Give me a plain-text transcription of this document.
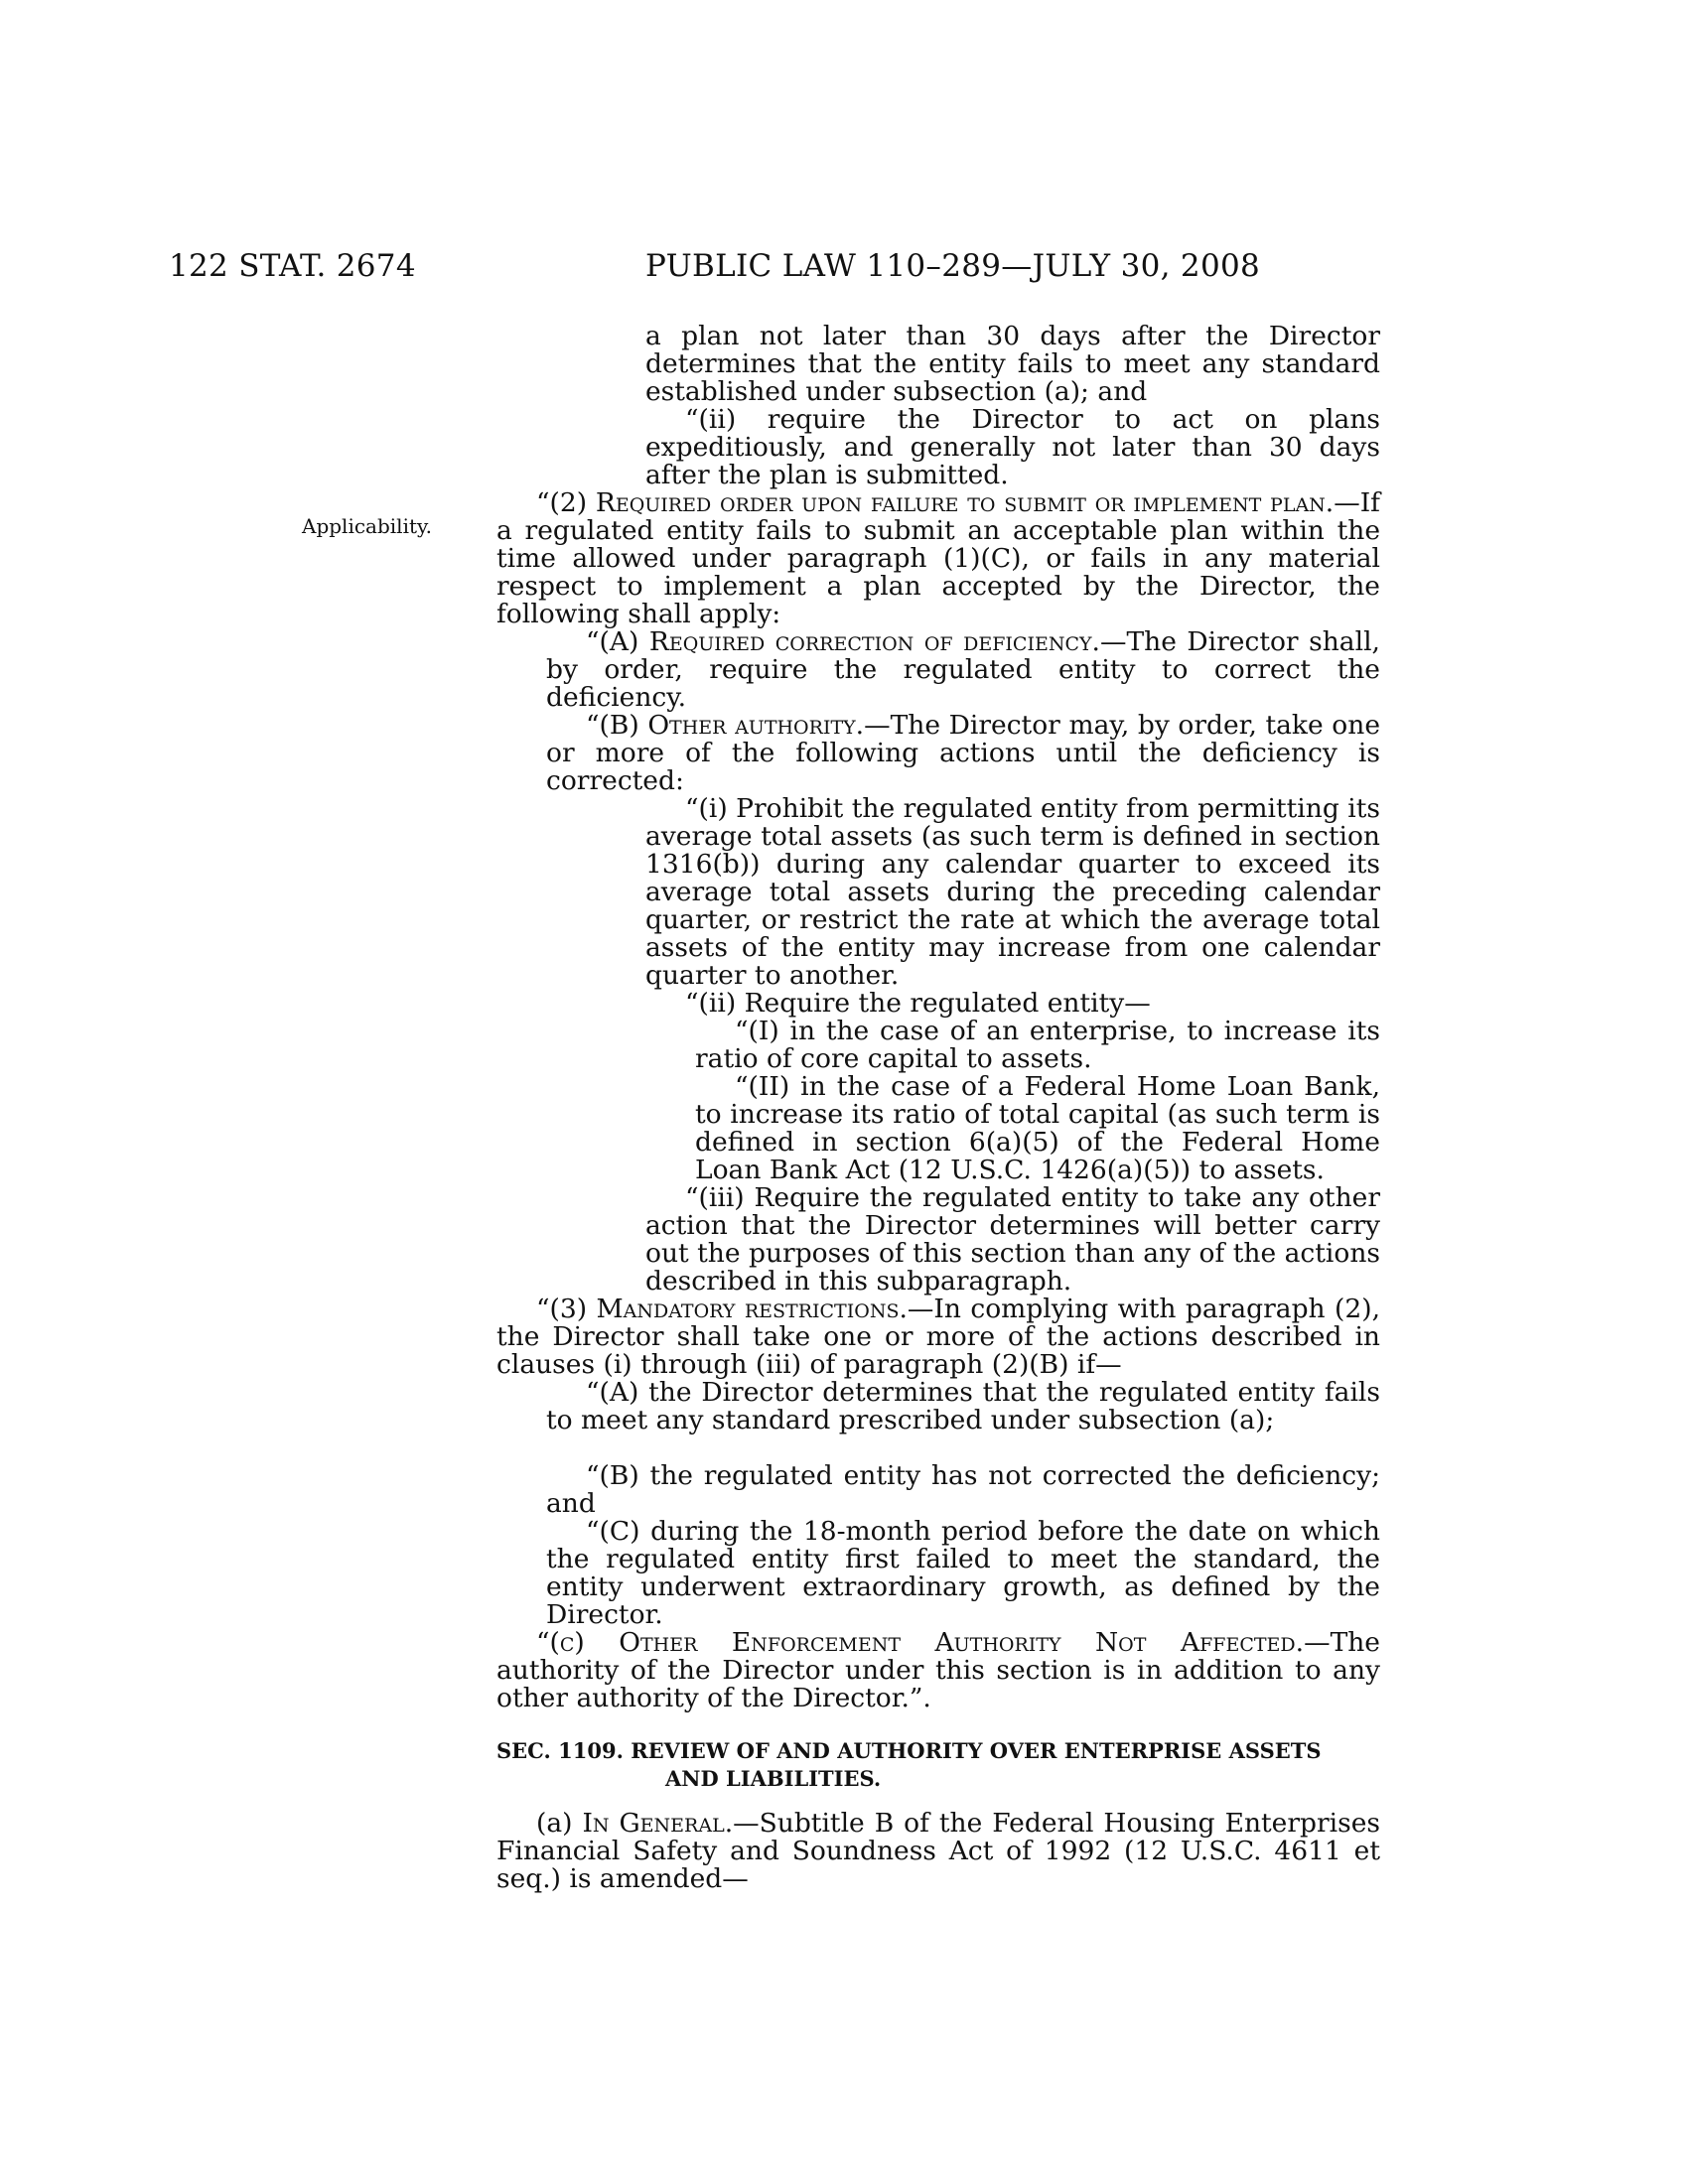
122 STAT. 2674	PUBLIC LAW 110–289—JULY 30, 2008
Applicability.
a plan not later than 30 days after the Director determines that the entity fails to meet any standard established under subsection (a); and
“(ii) require the Director to act on plans expeditiously, and generally not later than 30 days after the plan is submitted.
“(2) Required order upon failure to submit or implement plan.—If a regulated entity fails to submit an acceptable plan within the time allowed under paragraph (1)(C), or fails in any material respect to implement a plan accepted by the Director, the following shall apply:
“(A) Required correction of deficiency.—The Director shall, by order, require the regulated entity to correct the deficiency.
“(B) Other authority.—The Director may, by order, take one or more of the following actions until the deficiency is corrected:
“(i) Prohibit the regulated entity from permitting its average total assets (as such term is defined in section 1316(b)) during any calendar quarter to exceed its average total assets during the preceding calendar quarter, or restrict the rate at which the average total assets of the entity may increase from one calendar quarter to another.
“(ii) Require the regulated entity—
“(I) in the case of an enterprise, to increase its ratio of core capital to assets.
“(II) in the case of a Federal Home Loan Bank, to increase its ratio of total capital (as such term is defined in section 6(a)(5) of the Federal Home Loan Bank Act (12 U.S.C. 1426(a)(5)) to assets.
“(iii) Require the regulated entity to take any other action that the Director determines will better carry out the purposes of this section than any of the actions described in this subparagraph.
“(3) Mandatory restrictions.—In complying with paragraph (2), the Director shall take one or more of the actions described in clauses (i) through (iii) of paragraph (2)(B) if—
“(A) the Director determines that the regulated entity fails to meet any standard prescribed under subsection (a);
“(B) the regulated entity has not corrected the deficiency; and
“(C) during the 18-month period before the date on which the regulated entity first failed to meet the standard, the entity underwent extraordinary growth, as defined by the Director.
“(c) Other Enforcement Authority Not Affected.—The authority of the Director under this section is in addition to any other authority of the Director.”.
SEC. 1109. REVIEW OF AND AUTHORITY OVER ENTERPRISE ASSETS
AND LIABILITIES.
(a) In General.—Subtitle B of the Federal Housing Enterprises Financial Safety and Soundness Act of 1992 (12 U.S.C. 4611 et seq.) is amended—
